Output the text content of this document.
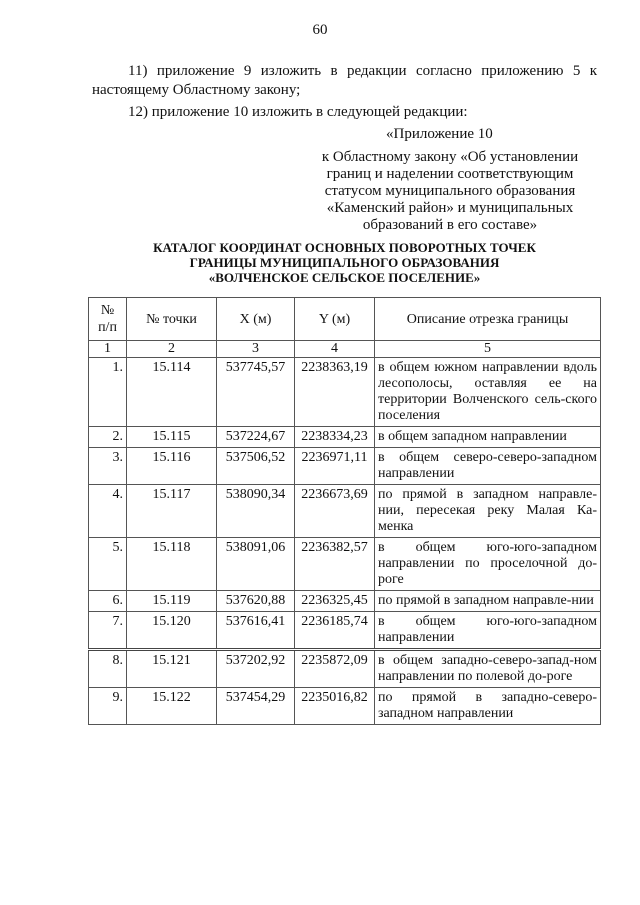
60
11) приложение 9 изложить в редакции согласно приложению 5 к
настоящему Областному закону;
12) приложение 10 изложить в следующей редакции:
«Приложение 10
к Областному закону «Об установлении
границ и наделении соответствующим
статусом муниципального образования
«Каменский район» и муниципальных
образований в его составе»
КАТАЛОГ КООРДИНАТ ОСНОВНЫХ ПОВОРОТНЫХ ТОЧЕК
ГРАНИЦЫ МУНИЦИПАЛЬНОГО ОБРАЗОВАНИЯ
«ВОЛЧЕНСКОЕ СЕЛЬСКОЕ ПОСЕЛЕНИЕ»
№
п/п	№ точки	X (м)	Y (м)	Описание отрезка границы
1	2	3	4	5
1.	15.114	537745,57	2238363,19	в общем южном направлении вдоль лесополосы, оставляя ее на территории Волченского сель-ского поселения
2.	15.115	537224,67	2238334,23	в общем западном направлении
3.	15.116	537506,52	2236971,11	в общем северо-северо-западном направлении
4.	15.117	538090,34	2236673,69	по прямой в западном направле-нии, пересекая реку Малая Ка-менка
5.	15.118	538091,06	2236382,57	в общем юго-юго-западном направлении по проселочной до-роге
6.	15.119	537620,88	2236325,45	по прямой в западном направле-нии
7.	15.120	537616,41	2236185,74	в общем юго-юго-западном направлении
8.	15.121	537202,92	2235872,09	в общем западно-северо-запад-ном направлении по полевой до-роге
9.	15.122	537454,29	2235016,82	по прямой в западно-северо-западном направлении
